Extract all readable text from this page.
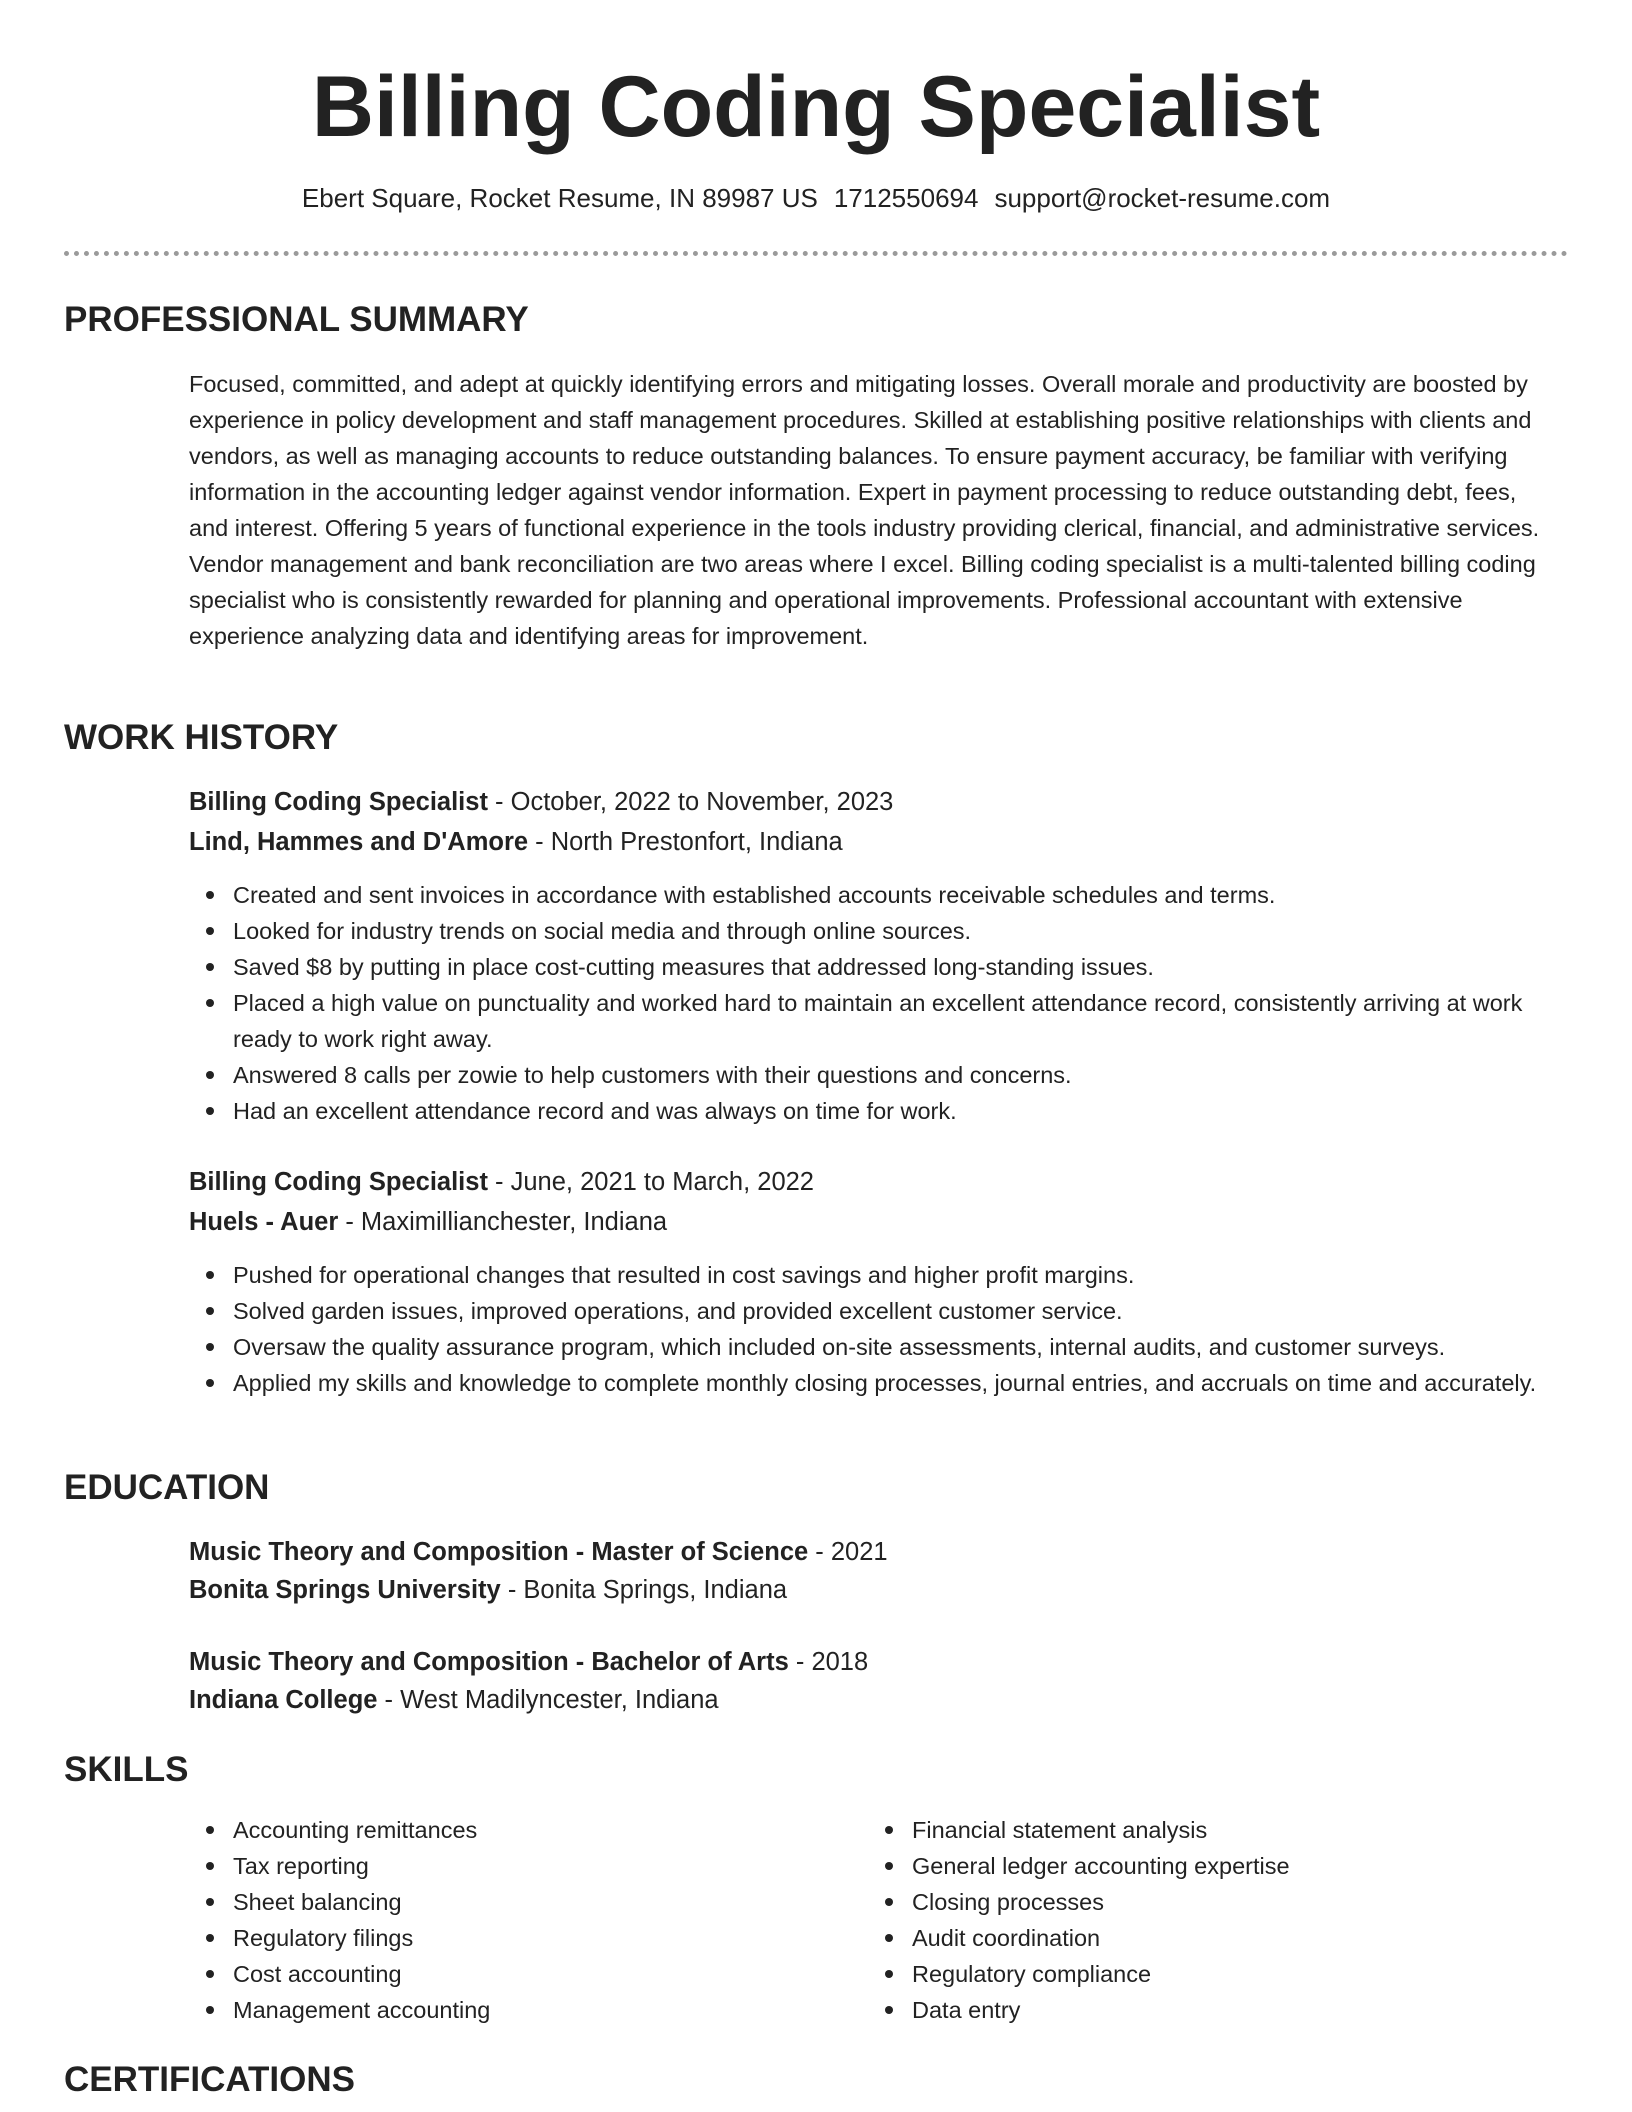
Billing Coding Specialist
Ebert Square, Rocket Resume, IN 89987 US 1712550694 support@rocket-resume.com
PROFESSIONAL SUMMARY

Focused, committed, and adept at quickly identifying errors and mitigating losses. Overall morale and productivity are boosted by experience in policy development and staff management procedures. Skilled at establishing positive relationships with clients and vendors, as well as managing accounts to reduce outstanding balances. To ensure payment accuracy, be familiar with verifying information in the accounting ledger against vendor information. Expert in payment processing to reduce outstanding debt, fees, and interest. Offering 5 years of functional experience in the tools industry providing clerical, financial, and administrative services. Vendor management and bank reconciliation are two areas where I excel. Billing coding specialist is a multi-talented billing coding specialist who is consistently rewarded for planning and operational improvements. Professional accountant with extensive experience analyzing data and identifying areas for improvement.

WORK HISTORY
Billing Coding Specialist - October, 2022 to November, 2023
Lind, Hammes and D'Amore - North Prestonfort, Indiana
Created and sent invoices in accordance with established accounts receivable schedules and terms.
Looked for industry trends on social media and through online sources.
Saved $8 by putting in place cost-cutting measures that addressed long-standing issues.
Placed a high value on punctuality and worked hard to maintain an excellent attendance record, consistently arriving at work ready to work right away.
Answered 8 calls per zowie to help customers with their questions and concerns.
Had an excellent attendance record and was always on time for work.
Billing Coding Specialist - June, 2021 to March, 2022
Huels - Auer - Maximillianchester, Indiana
Pushed for operational changes that resulted in cost savings and higher profit margins.
Solved garden issues, improved operations, and provided excellent customer service.
Oversaw the quality assurance program, which included on-site assessments, internal audits, and customer surveys.
Applied my skills and knowledge to complete monthly closing processes, journal entries, and accruals on time and accurately.
EDUCATION
Music Theory and Composition - Master of Science - 2021
Bonita Springs University - Bonita Springs, Indiana
Music Theory and Composition - Bachelor of Arts - 2018
Indiana College - West Madilyncester, Indiana
SKILLS
Accounting remittances
Tax reporting
Sheet balancing
Regulatory filings
Cost accounting
Management accounting
Financial statement analysis
General ledger accounting expertise
Closing processes
Audit coordination
Regulatory compliance
Data entry
CERTIFICATIONS
